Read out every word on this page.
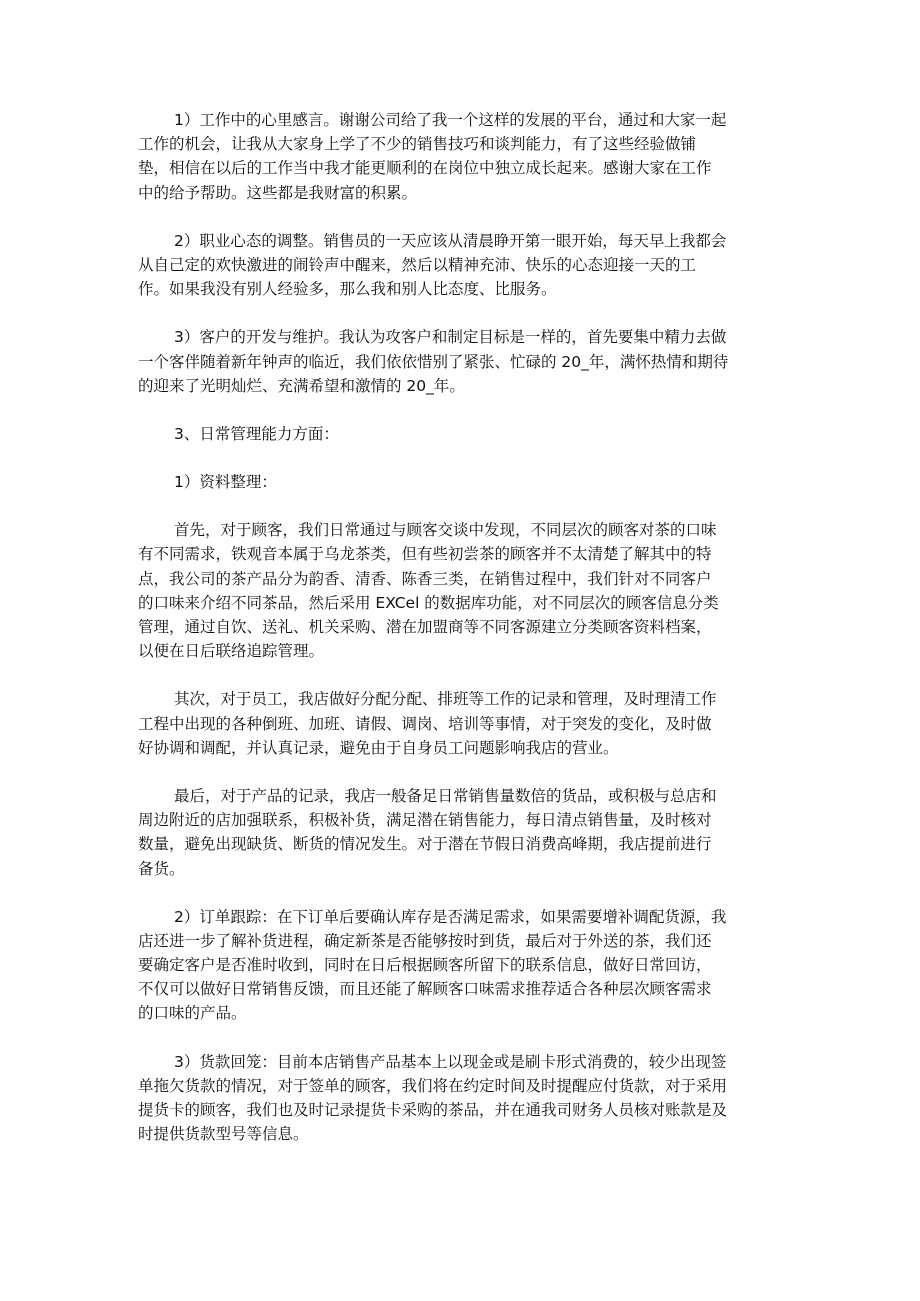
1）工作中的心里感言。谢谢公司给了我一个这样的发展的平台，通过和大家一起
工作的机会，让我从大家身上学了不少的销售技巧和谈判能力，有了这些经验做铺
垫，相信在以后的工作当中我才能更顺利的在岗位中独立成长起来。感谢大家在工作
中的给予帮助。这些都是我财富的积累。
2）职业心态的调整。销售员的一天应该从清晨睁开第一眼开始，每天早上我都会
从自己定的欢快激进的闹铃声中醒来，然后以精神充沛、快乐的心态迎接一天的工
作。如果我没有别人经验多，那么我和别人比态度、比服务。
3）客户的开发与维护。我认为攻客户和制定目标是一样的，首先要集中精力去做
一个客伴随着新年钟声的临近，我们依依惜别了紧张、忙碌的 20_年，满怀热情和期待
的迎来了光明灿烂、充满希望和激情的 20_年。
3、日常管理能力方面：
1）资料整理：
首先，对于顾客，我们日常通过与顾客交谈中发现，不同层次的顾客对茶的口味
有不同需求，铁观音本属于乌龙茶类，但有些初尝茶的顾客并不太清楚了解其中的特
点，我公司的茶产品分为韵香、清香、陈香三类，在销售过程中，我们针对不同客户
的口味来介绍不同茶品，然后采用 EXCel 的数据库功能，对不同层次的顾客信息分类
管理，通过自饮、送礼、机关采购、潜在加盟商等不同客源建立分类顾客资料档案，
以便在日后联络追踪管理。
其次，对于员工，我店做好分配分配、排班等工作的记录和管理，及时理清工作
工程中出现的各种倒班、加班、请假、调岗、培训等事情，对于突发的变化，及时做
好协调和调配，并认真记录，避免由于自身员工问题影响我店的营业。
最后，对于产品的记录，我店一般备足日常销售量数倍的货品，或积极与总店和
周边附近的店加强联系，积极补货，满足潜在销售能力，每日清点销售量，及时核对
数量，避免出现缺货、断货的情况发生。对于潜在节假日消费高峰期，我店提前进行
备货。
2）订单跟踪：在下订单后要确认库存是否满足需求，如果需要增补调配货源，我
店还进一步了解补货进程，确定新茶是否能够按时到货，最后对于外送的茶，我们还
要确定客户是否准时收到，同时在日后根据顾客所留下的联系信息，做好日常回访，
不仅可以做好日常销售反馈，而且还能了解顾客口味需求推荐适合各种层次顾客需求
的口味的产品。
3）货款回笼：目前本店销售产品基本上以现金或是刷卡形式消费的，较少出现签
单拖欠货款的情况，对于签单的顾客，我们将在约定时间及时提醒应付货款，对于采用
提货卡的顾客，我们也及时记录提货卡采购的茶品，并在通我司财务人员核对账款是及
时提供货款型号等信息。
